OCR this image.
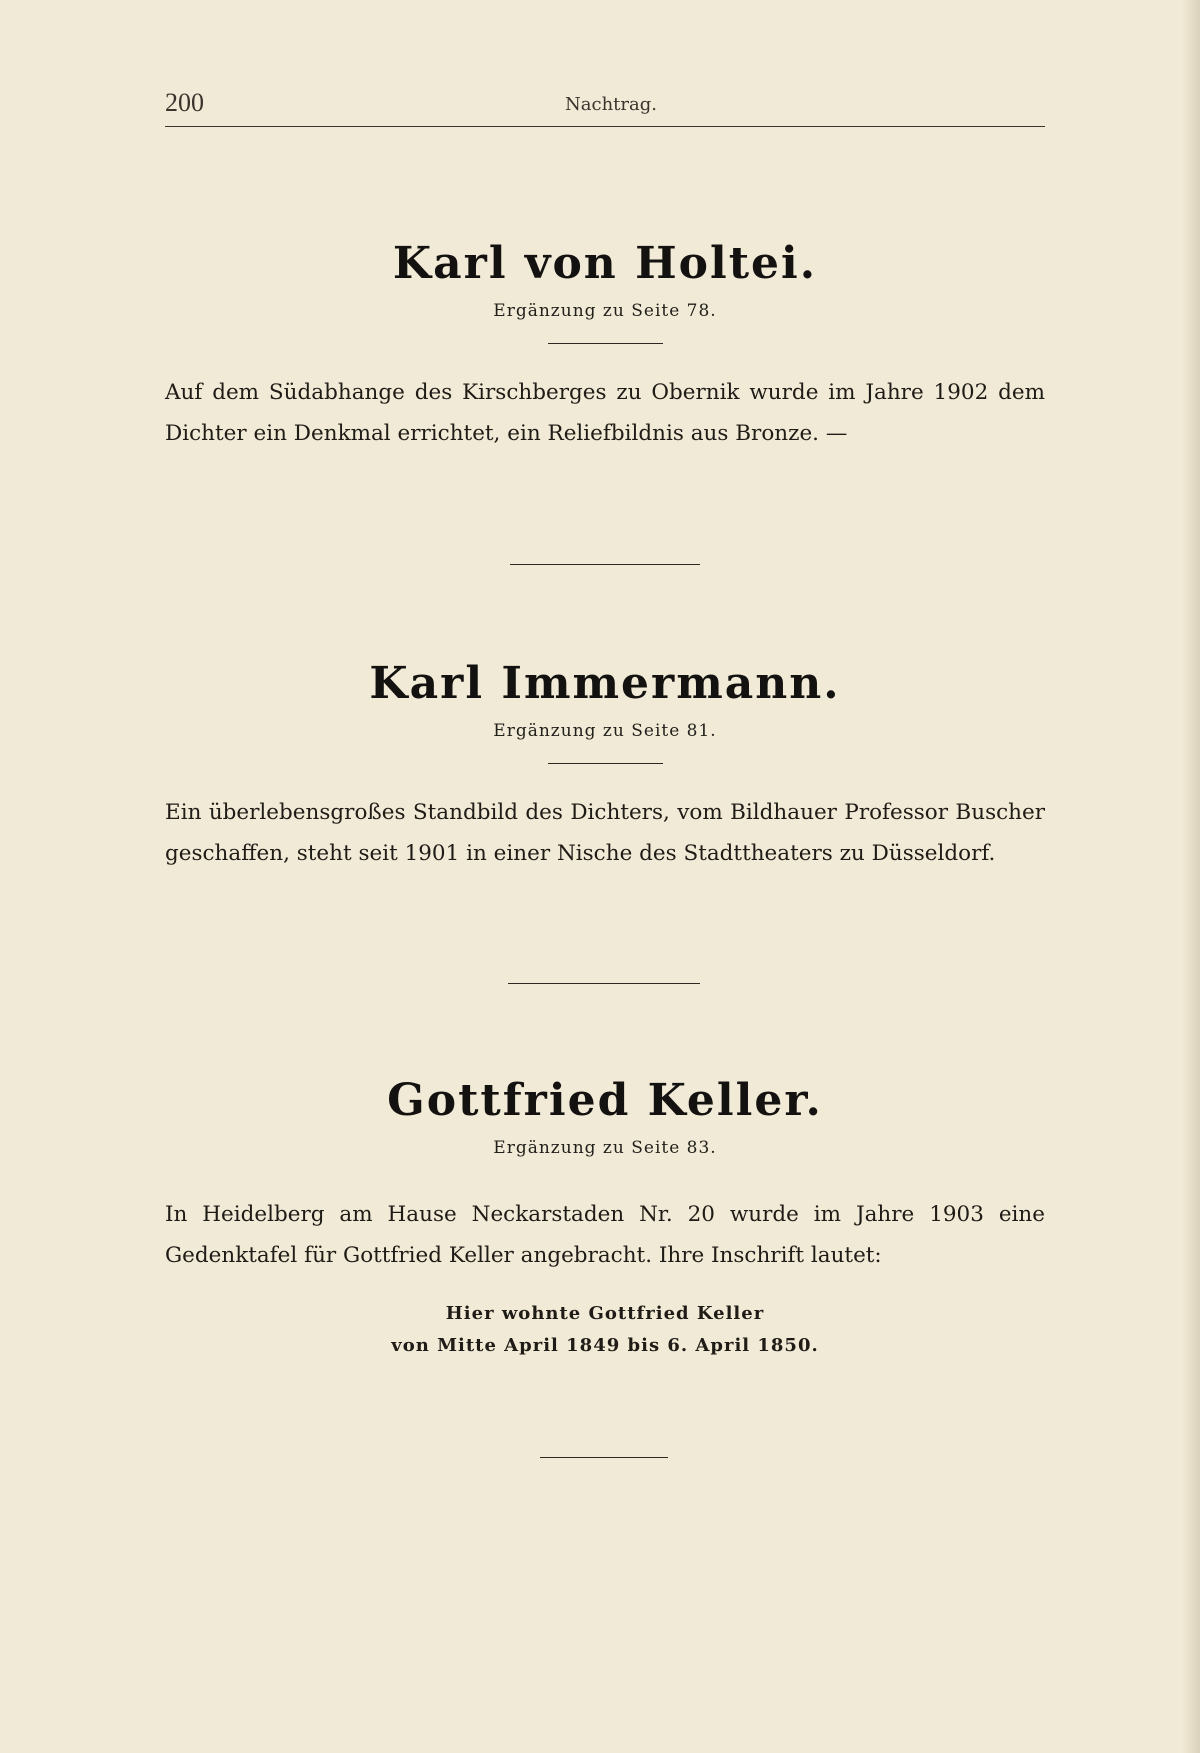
200	Nachtrag.
Karl von Holtei.
Ergänzung zu Seite 78.

Auf dem Südabhange des Kirschberges zu Obernik wurde im Jahre 1902 dem Dichter ein Denkmal errichtet, ein Reliefbildnis aus Bronze. —

Karl Immermann.
Ergänzung zu Seite 81.

Ein überlebensgroßes Standbild des Dichters, vom Bildhauer Professor Buscher geschaffen, steht seit 1901 in einer Nische des Stadttheaters zu Düsseldorf.

Gottfried Keller.
Ergänzung zu Seite 83.

In Heidelberg am Hause Neckarstaden Nr. 20 wurde im Jahre 1903 eine Gedenktafel für Gottfried Keller angebracht. Ihre Inschrift lautet:

Hier wohnte Gottfried Keller
von Mitte April 1849 bis 6. April 1850.
